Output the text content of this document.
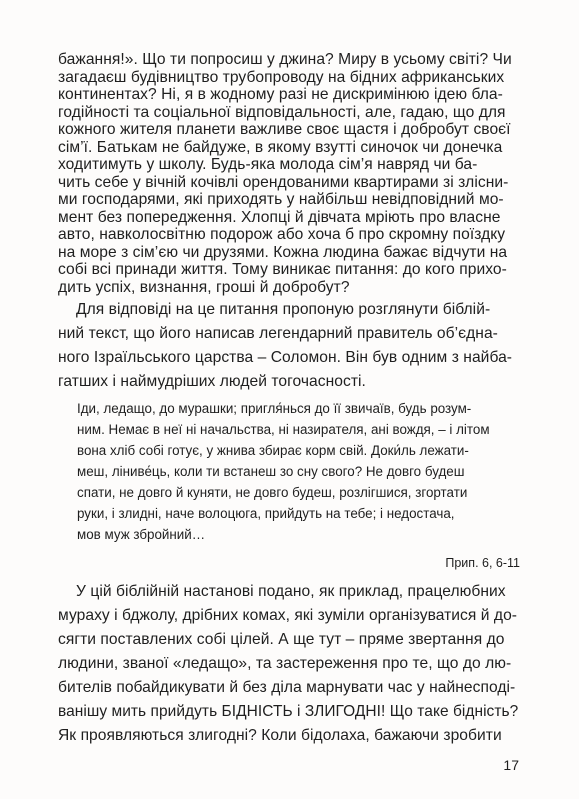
бажання!». Що ти попросиш у джина? Миру в усьому світі? Чи

загадаєш будівництво трубопроводу на бідних африканських

континентах? Ні, я в жодному разі не дискримінюю ідею бла-

годійності та соціальної відповідальності, але, гадаю, що для

кожного жителя планети важливе своє щастя і добробут своєї

сім’ї. Батькам не байдуже, в якому взутті синочок чи донечка

ходитимуть у школу. Будь-яка молода сім’я навряд чи ба-

чить себе у вічній кочівлі орендованими квартирами зі злісни-

ми господарями, які приходять у найбільш невідповідний мо-

мент без попередження. Хлопці й дівчата мріють про власне

авто, навколосвітню подорож або хоча б про скромну поїздку

на море з сім’єю чи друзями. Кожна людина бажає відчути на

собі всі принади життя. Тому виникає питання: до кого прихо-

дить успіх, визнання, гроші й добробут?

Для відповіді на це питання пропоную розглянути біблій-

ний текст, що його написав легендарний правитель об’єдна-

ного Ізраїльського царства – Соломон. Він був одним з найба-

гатших і наймудріших людей тогочасності.

Іди, ледащо, до мурашки; пригля́нься до її звичаїв, будь розум-

ним. Немає в неї ні начальства, ні назирателя, ані вождя, – і літом

вона хліб собі готує, у жнива збирає корм свій. Доки́ль лежати-

меш, ліниве́ць, коли ти встанеш зо сну свого? Не довго будеш

спати, не довго й куняти, не довго будеш, розлігшися, згортати

руки, і злидні, наче волоцюга, прийдуть на тебе; і недостача,

мов муж збройний…

Прип. 6, 6-11

У цій біблійній настанові подано, як приклад, працелюбних

мураху і бджолу, дрібних комах, які зуміли організуватися й до-

сягти поставлених собі цілей. А ще тут – пряме звертання до

людини, званої «ледащо», та застереження про те, що до лю-

бителів побайдикувати й без діла марнувати час у найнесподі-

ванішу мить прийдуть БІДНІСТЬ і ЗЛИГОДНІ! Що таке бідність?

Як проявляються злигодні? Коли бідолаха, бажаючи зробити

17
